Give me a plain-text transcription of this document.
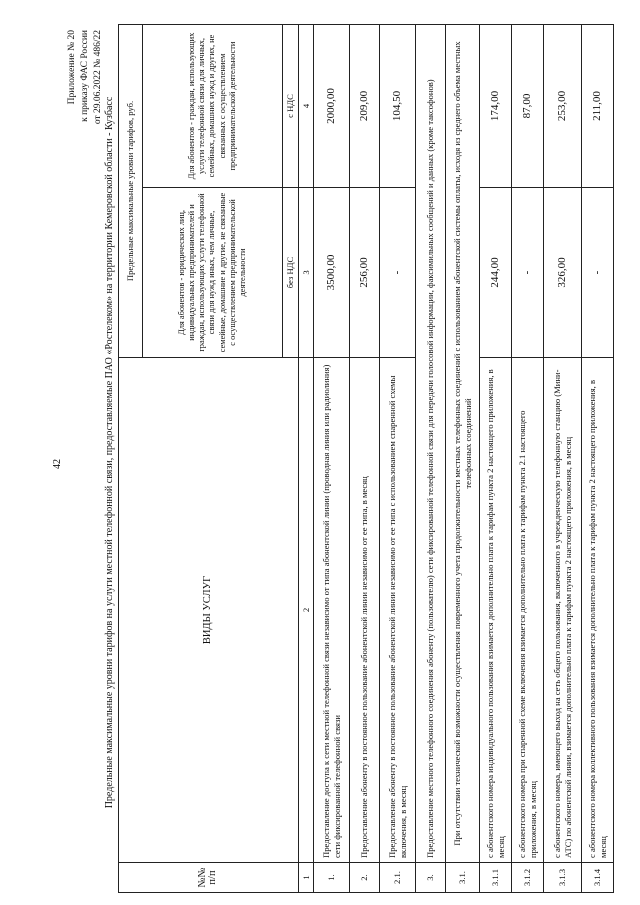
42
Приложение № 20 к приказу ФАС России от 29.06.2022 № 486/22
Предельные максимальные уровни тарифов на услуги местной телефонной связи, предоставляемые ПАО «Ростелеком» на территории Кемеровской области - Кузбасс
№№ п/п	ВИДЫ УСЛУГ	Предельные максимальные уровни тарифов, руб.	
		Для абонентов - юридических лиц, индивидуальных предпринимателей и граждан, использующих услуги телефонной связи для нужд иных, чем личные, семейные, домашние и другие, не связанные с осуществлением предпринимательской деятельности	Для абонентов - граждан, использующих услуги телефонной связи для личных, семейных, домашних нужд и других, не связанных с осуществлением предпринимательской деятельности
		без НДС	с НДС
1	2	3	4
1.	Предоставление доступа к сети местной телефонной связи независимо от типа абонентской линии (проводная линия или радиолиния) сети фиксированной телефонной связи	3500,00	2000,00
2.	Предоставление абоненту в постоянное пользование абонентской линии независимо от ее типа, в месяц	256,00	209,00
2.1.	Предоставление абоненту в постоянное пользование абонентской линии независимо от ее типа с использованием спаренной схемы включения, в месяц	-	104,50
3.	Предоставление местного телефонного соединения абоненту (пользователю) сети фиксированной телефонной связи для передачи голосовой информации, факсимильных сообщений и данных (кроме таксофонов)		
3.1.	При отсутствии технической возможности осуществления повременного учета продолжительности местных телефонных соединений с использованием абонентской системы оплаты, исходя из среднего объема местных телефонных соединений		
3.1.1	с абонентского номера индивидуального пользования взимается дополнительно плата к тарифам пункта 2 настоящего приложения, в месяц	244,00	174,00
3.1.2	с абонентского номера при спаренной схеме включения взимается дополнительно плата к тарифам пункта 2.1 настоящего приложения, в месяц	-	87,00
3.1.3	с абонентского номера, имеющего выход на сеть общего пользования, включенного в учрежденческую телефонную станцию (Мини-АТС) по абонентской линии, взимается дополнительно плата к тарифам пункта 2 настоящего приложения, в месяц	326,00	253,00
3.1.4	с абонентского номера коллективного пользования взимается дополнительно плата к тарифам пункта 2 настоящего приложения, в месяц	-	211,00
